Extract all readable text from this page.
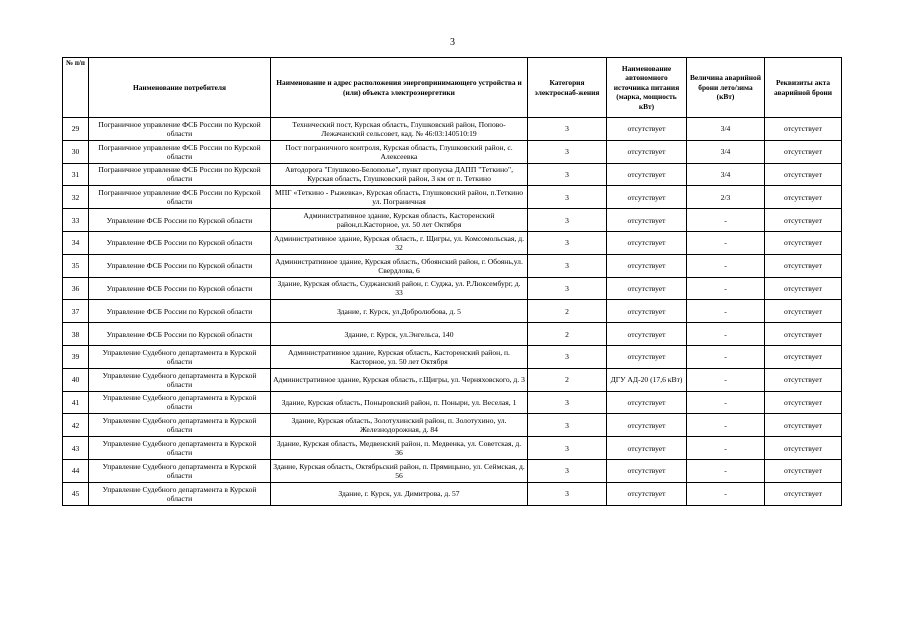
3
№ п/п	Наименование потребителя	Наименование и адрес расположения энергопринимающего устройства и (или) объекта электроэнергетики	Категория электроснаб-жения	Наименование автономного источника питания (марка, мощность кВт)	Величина аварийной брони лето/зима (кВт)	Реквизиты акта аварийной брони
29	Пограничное управление ФСБ России по Курской области	Технический пост, Курская область, Глушковский район, Попово-Лежачанский сельсовет, кад. № 46:03:140510:19	3	отсутствует	3/4	отсутствует
30	Пограничное управление ФСБ России по Курской области	Пост пограничного контроля, Курская область, Глушковский район, с. Алексеевка	3	отсутствует	3/4	отсутствует
31	Пограничное управление ФСБ России по Курской области	Автодорога "Глушково-Белополье", пункт пропуска ДАПП "Теткино", Курская область, Глушковский район, 3 км от п. Теткино	3	отсутствует	3/4	отсутствует
32	Пограничное управление ФСБ России по Курской области	МПГ «Теткино - Рыжевка», Курская область, Глушковский район, п.Теткино ул. Пограничная	3	отсутствует	2/3	отсутствует
33	Управление ФСБ России по Курской области	Административное здание, Курская область, Касторенский район,п.Касторное, ул. 50 лет Октября	3	отсутствует	-	отсутствует
34	Управление ФСБ России по Курской области	Административное здание, Курская область, г. Щигры, ул. Комсомольская, д. 32	3	отсутствует	-	отсутствует
35	Управление ФСБ России по Курской области	Административное здание, Курская область, Обоянский район, г. Обоянь,ул. Свердлова, 6	3	отсутствует	-	отсутствует
36	Управление ФСБ России по Курской области	Здание, Курская область, Суджанский район, г. Суджа, ул. Р.Люксембург, д. 33	3	отсутствует	-	отсутствует
37	Управление ФСБ России по Курской области	Здание, г. Курск, ул.Добролюбова, д. 5	2	отсутствует	-	отсутствует
38	Управление ФСБ России по Курской области	Здание, г. Курск, ул.Энгельса, 140	2	отсутствует	-	отсутствует
39	Управление Судебного департамента в Курской области	Административное здание, Курская область, Касторенский район, п. Касторное, ул. 50 лет Октября	3	отсутствует	-	отсутствует
40	Управление Судебного департамента в Курской области	Административное здание, Курская область, г.Щигры, ул. Черняховского, д. 3	2	ДГУ АД-20 (17,6 кВт)	-	отсутствует
41	Управление Судебного департамента в Курской области	Здание, Курская область, Поныровский район, п. Поныри, ул. Веселая, 1	3	отсутствует	-	отсутствует
42	Управление Судебного департамента в Курской области	Здание, Курская область, Золотухинский район, п. Золотухино, ул. Железнодорожная, д. 84	3	отсутствует	-	отсутствует
43	Управление Судебного департамента в Курской области	Здание, Курская область, Медвенский район, п. Медвенка, ул. Советская, д. 36	3	отсутствует	-	отсутствует
44	Управление Судебного департамента в Курской области	Здание, Курская область, Октябрьский район, п. Прямицыно, ул. Сеймская, д. 56	3	отсутствует	-	отсутствует
45	Управление Судебного департамента в Курской области	Здание, г. Курск, ул. Димитрова, д. 57	3	отсутствует	-	отсутствует
